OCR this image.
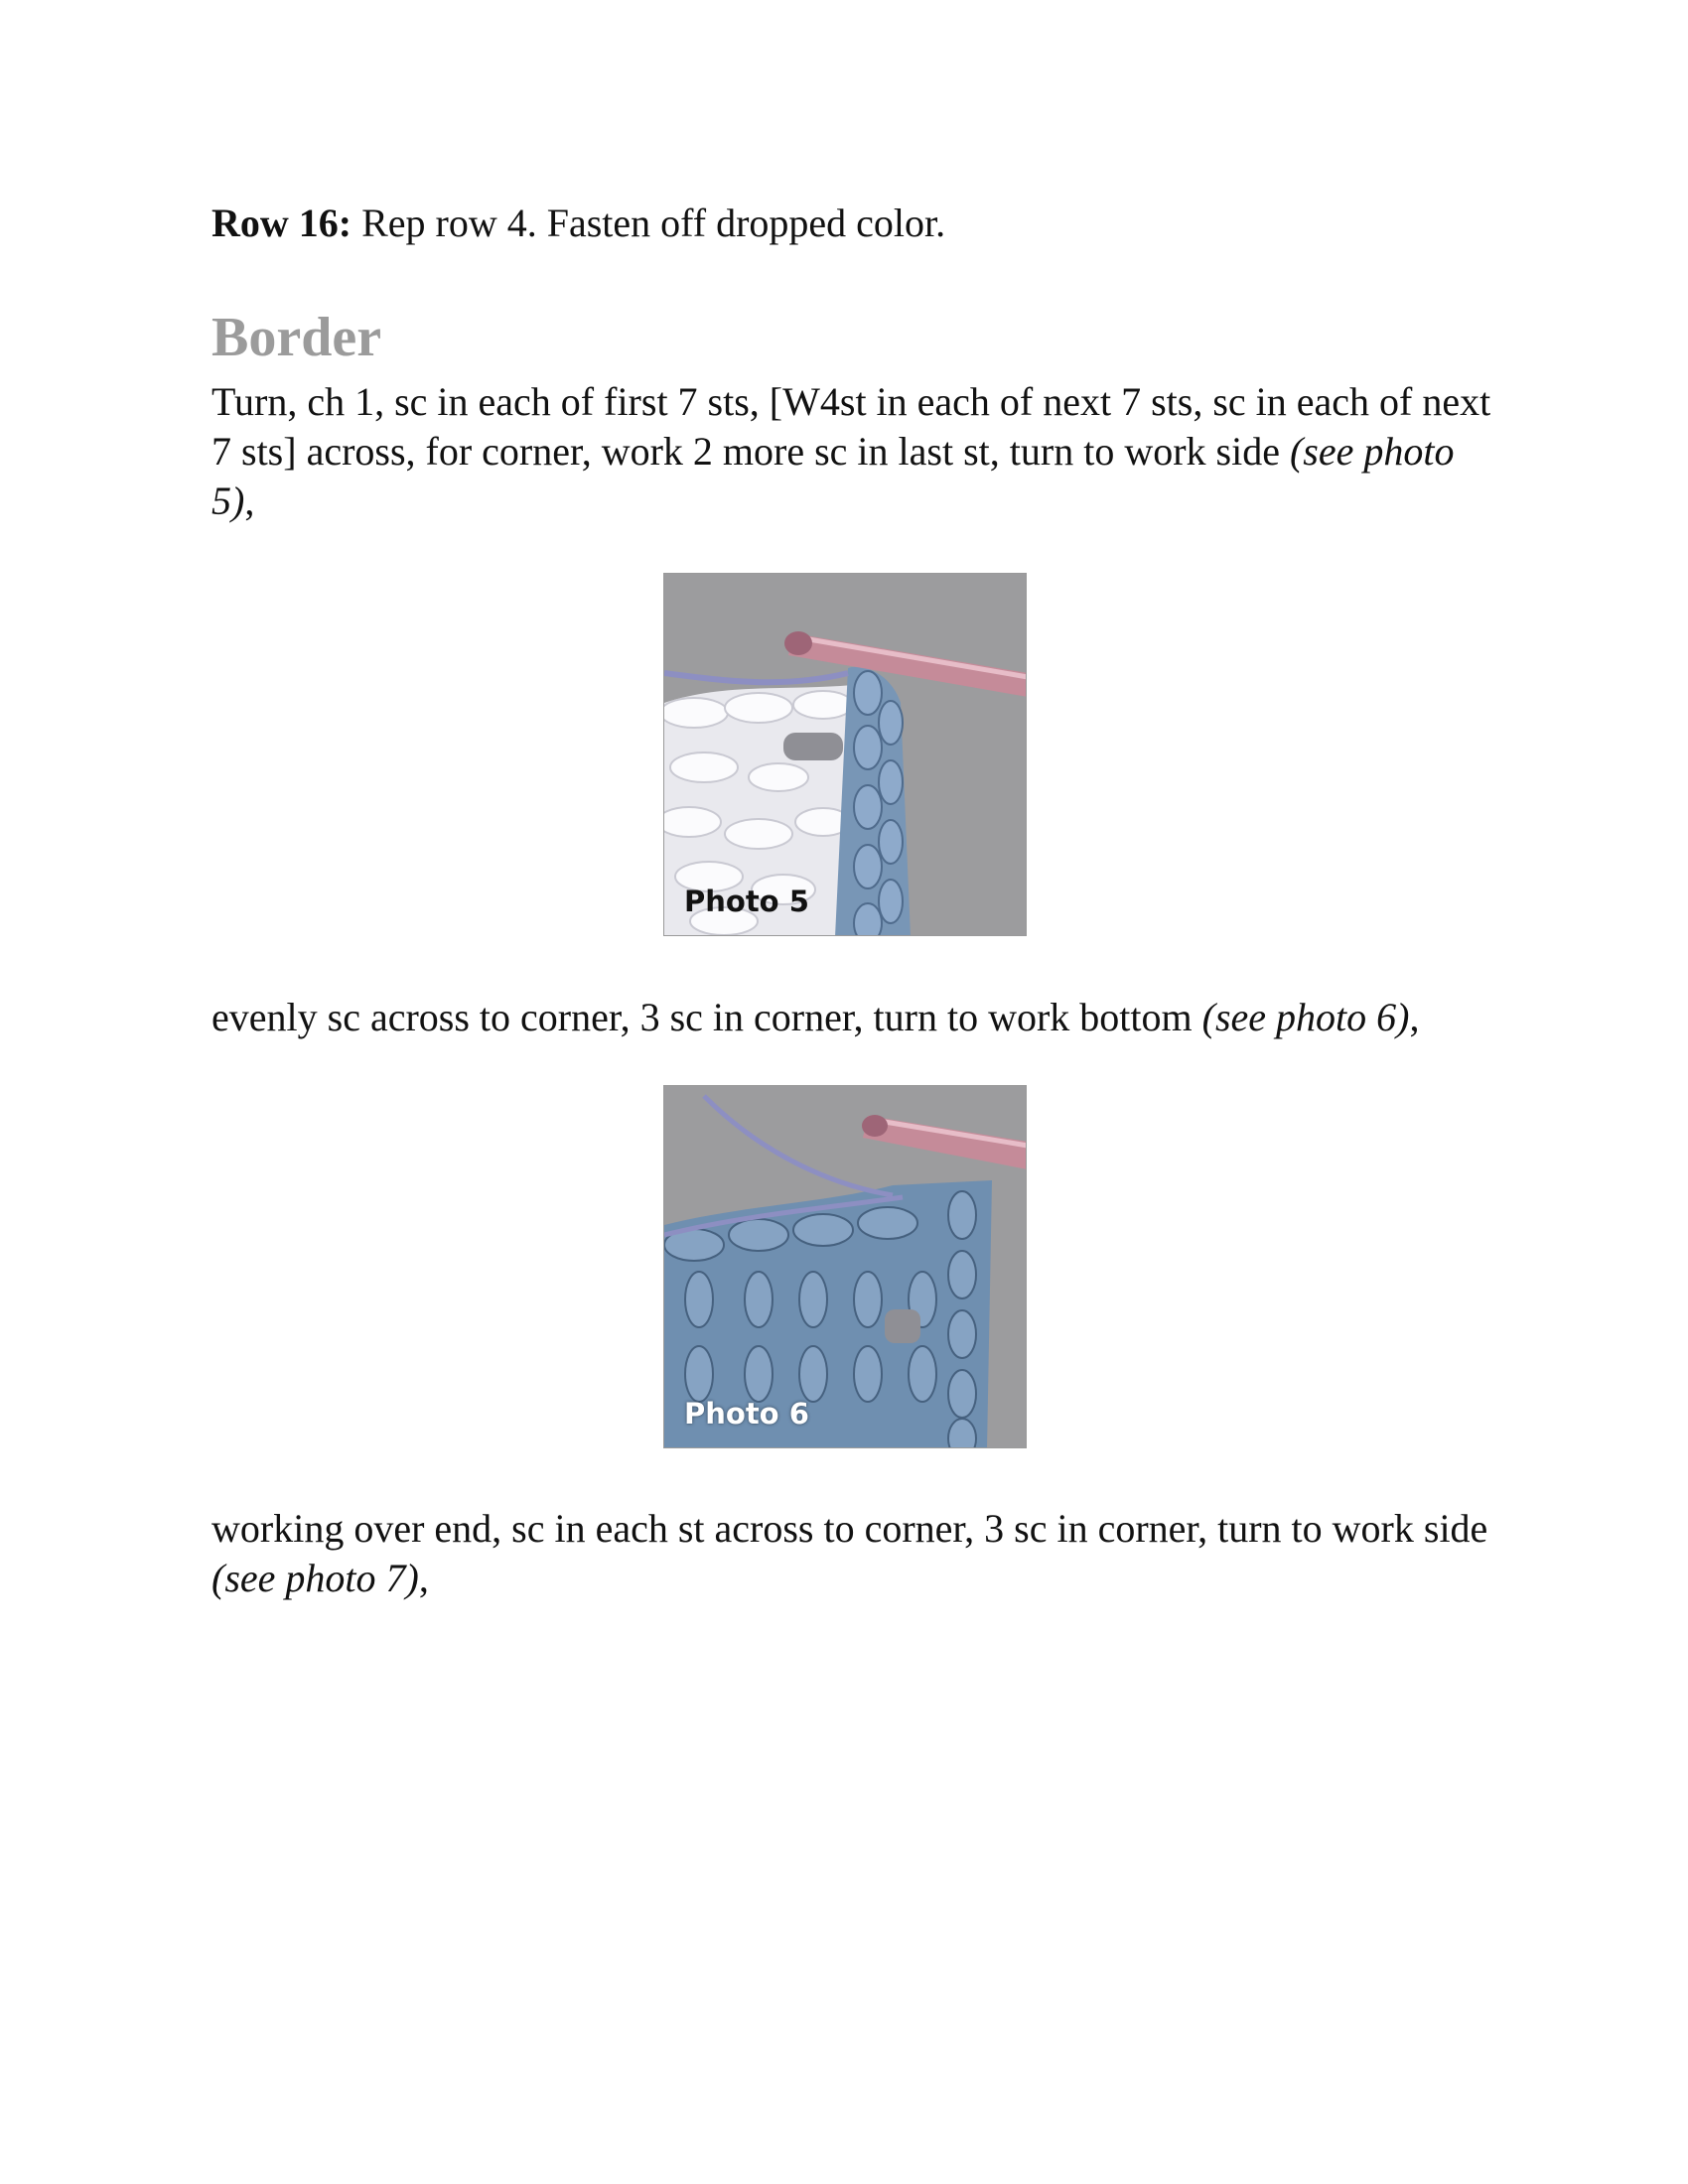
Row 16: Rep row 4. Fasten off dropped color.

Border

Turn, ch 1, sc in each of first 7 sts, [W4st in each of next 7 sts, sc in each of next 7 sts] across, for corner, work 2 more sc in last st, turn to work side (see photo 5),

Photo 5

evenly sc across to corner, 3 sc in corner, turn to work bottom (see photo 6),

Photo 6

working over end, sc in each st across to corner, 3 sc in corner, turn to work side (see photo 7),
